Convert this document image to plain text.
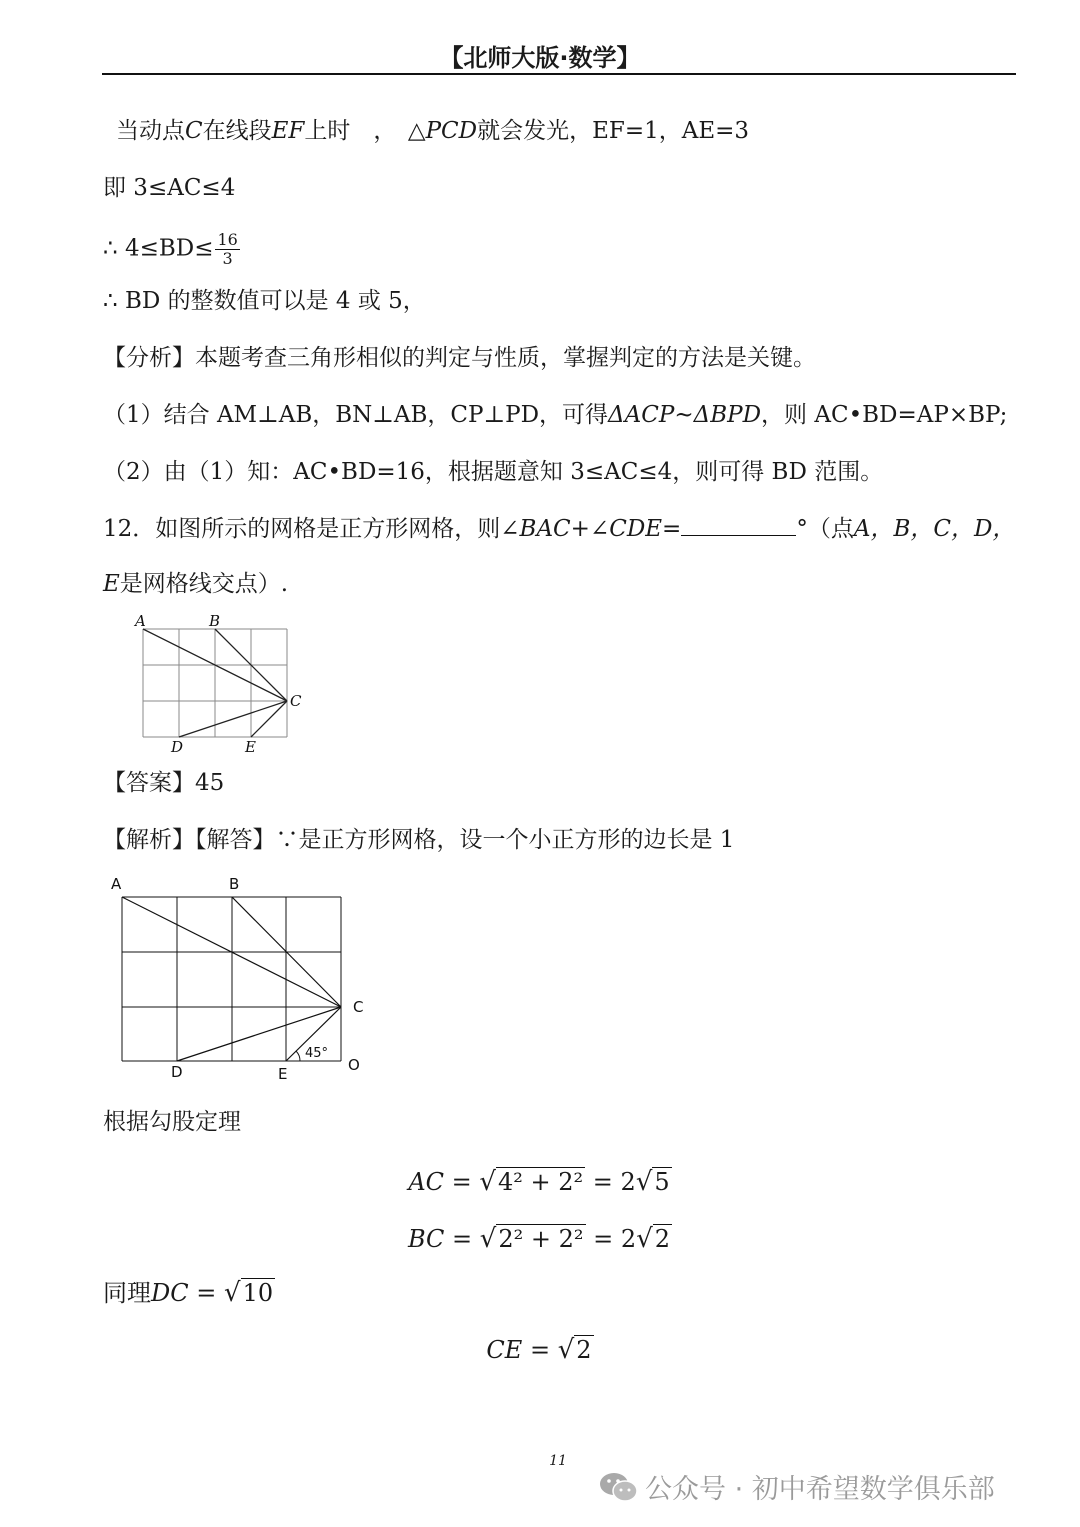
【北师大版·数学】
当动点C在线段EF上时　，　△PCD就会发光，EF=1，AE=3
即 3≤AC≤4
∴ $4\le BD\le \frac{16}{3}$
∴ BD 的整数值可以是 4 或 5，
【分析】本题考查三角形相似的判定与性质，掌握判定的方法是关键。
（1）结合 AM⊥AB，BN⊥AB，CP⊥PD，可得ΔACP~ΔBPD，则 AC•BD=AP×BP;
（2）由（1）知：AC•BD=16，根据题意知 3≤AC≤4，则可得 BD 范围。
12．如图所示的网格是正方形网格，则∠BAC+∠CDE=	°（点A，B，C，D，
E是网格线交点）.
A	B
C
D	E
【答案】45
【解析】【解答】∵是正方形网格，设一个小正方形的边长是 1
A	B
C
D	E	O
45°
根据勾股定理
AC = √4² + 2² = 2√5
BC = √2² + 2² = 2√2
同理DC = √10
CE = √2
11
公众号 · 初中希望数学俱乐部
